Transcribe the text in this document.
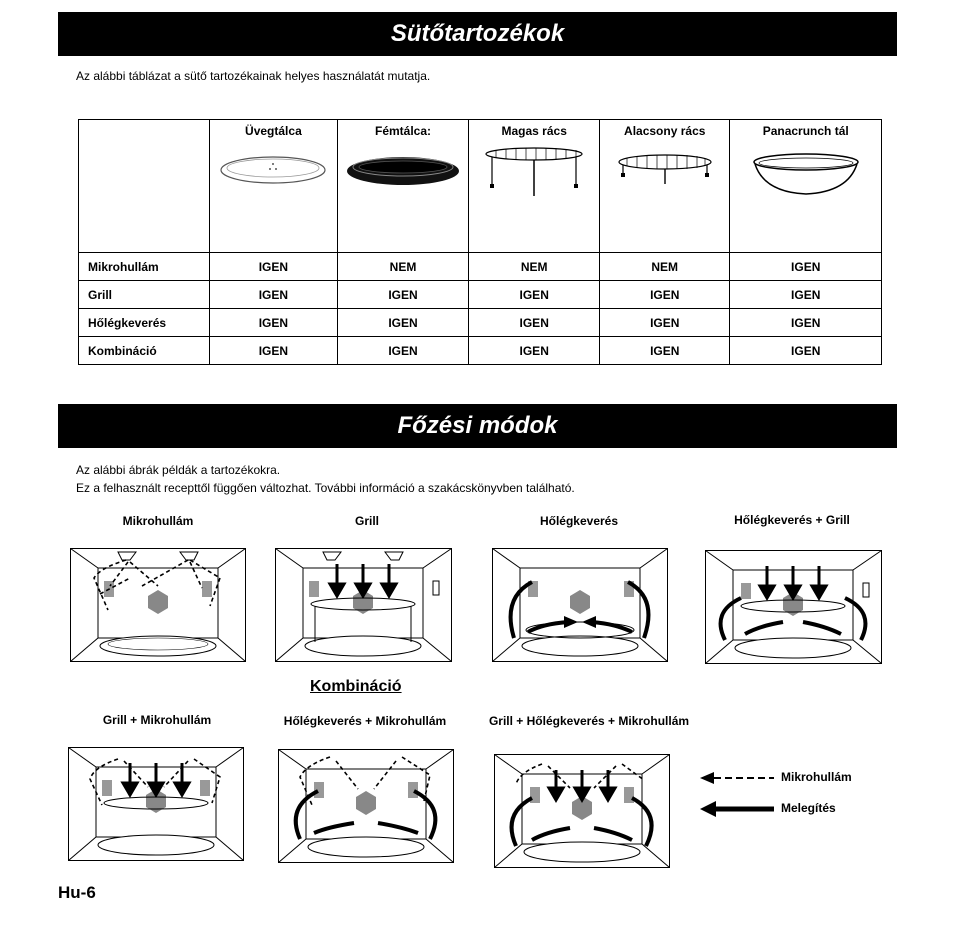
Sütőtartozékok
Az alábbi táblázat a sütő tartozékainak helyes használatát mutatja.

	Üvegtálca	Fémtálca:	Magas rács	Alacsony rács	Panacrunch tál

Mikrohullám	IGEN	NEM	NEM	NEM	IGEN
Grill	IGEN	IGEN	IGEN	IGEN	IGEN
Hőlégkeverés	IGEN	IGEN	IGEN	IGEN	IGEN
Kombináció	IGEN	IGEN	IGEN	IGEN	IGEN
Főzési módok
Az alábbi ábrák példák a tartozékokra.
Ez a felhasznált recepttől függően változhat. További információ a szakácskönyvben található.
Mikrohullám	Grill	Hőlégkeverés	Hőlégkeverés + Grill
Kombináció
Grill + Mikrohullám	Hőlégkeverés + Mikrohullám	Grill + Hőlégkeverés + Mikrohullám
Mikrohullám
Melegítés
Hu-6
